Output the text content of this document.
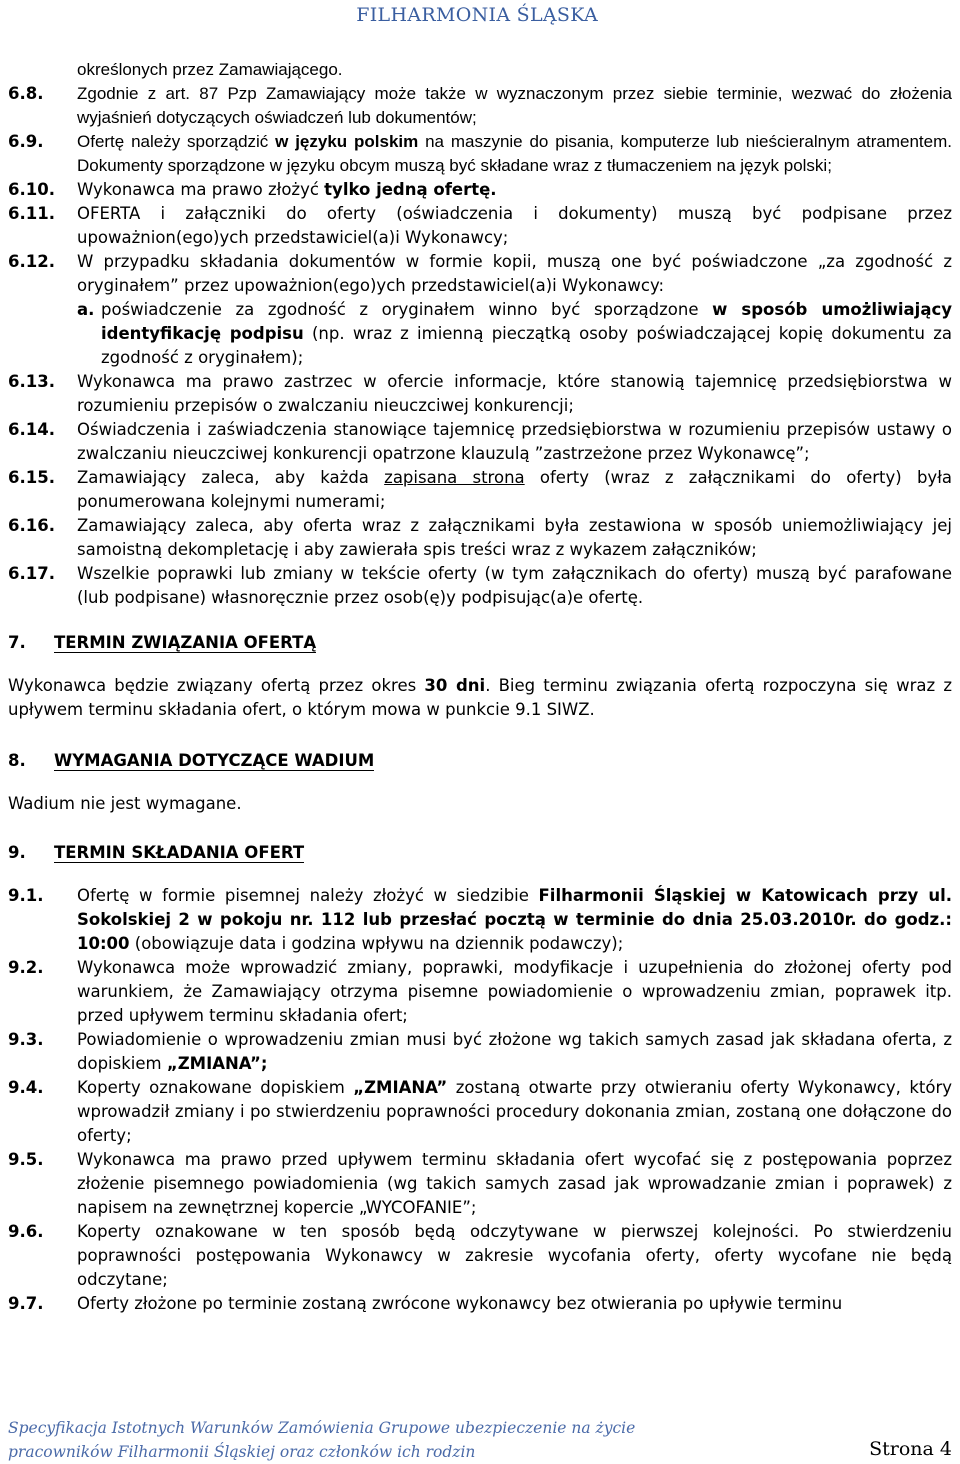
FILHARMONIA ŚLĄSKA
określonych przez Zamawiającego.
6.8.	Zgodnie z art. 87 Pzp Zamawiający może także w wyznaczonym przez siebie terminie, wezwać do złożenia wyjaśnień dotyczących oświadczeń lub dokumentów;
6.9.	Ofertę należy sporządzić w języku polskim na maszynie do pisania, komputerze lub nieścieralnym atramentem. Dokumenty sporządzone w języku obcym muszą być składane wraz z tłumaczeniem na język polski;
6.10.	Wykonawca ma prawo złożyć tylko jedną ofertę.
6.11.	OFERTA i załączniki do oferty (oświadczenia i dokumenty) muszą być podpisane przez upoważnion(ego)ych przedstawiciel(a)i Wykonawcy;
6.12.	W przypadku składania dokumentów w formie kopii, muszą one być poświadczone „za zgodność z oryginałem” przez upoważnion(ego)ych przedstawiciel(a)i Wykonawcy:
a. poświadczenie za zgodność z oryginałem winno być sporządzone w sposób umożliwiający identyfikację podpisu (np. wraz z imienną pieczątką osoby poświadczającej kopię dokumentu za zgodność z oryginałem);
6.13.	Wykonawca ma prawo zastrzec w ofercie informacje, które stanowią tajemnicę przedsiębiorstwa w rozumieniu przepisów o zwalczaniu nieuczciwej konkurencji;
6.14.	Oświadczenia i zaświadczenia stanowiące tajemnicę przedsiębiorstwa w rozumieniu przepisów ustawy o zwalczaniu nieuczciwej konkurencji opatrzone klauzulą ”zastrzeżone przez Wykonawcę”;
6.15.	Zamawiający zaleca, aby każda zapisana strona oferty (wraz z załącznikami do oferty) była ponumerowana kolejnymi numerami;
6.16.	Zamawiający zaleca, aby oferta wraz z załącznikami była zestawiona w sposób uniemożliwiający jej samoistną dekompletację i aby zawierała spis treści wraz z wykazem załączników;
6.17.	Wszelkie poprawki lub zmiany w tekście oferty (w tym załącznikach do oferty) muszą być parafowane (lub podpisane) własnoręcznie przez osob(ę)y podpisując(a)e ofertę.
7. TERMIN ZWIĄZANIA OFERTĄ
Wykonawca będzie związany ofertą przez okres 30 dni. Bieg terminu związania ofertą rozpoczyna się wraz z upływem terminu składania ofert, o którym mowa w punkcie 9.1 SIWZ.
8. WYMAGANIA DOTYCZĄCE WADIUM
Wadium nie jest wymagane.
9. TERMIN SKŁADANIA OFERT
9.1.	Ofertę w formie pisemnej należy złożyć w siedzibie Filharmonii Śląskiej w Katowicach przy ul. Sokolskiej 2 w pokoju nr. 112 lub przesłać pocztą w terminie do dnia 25.03.2010r. do godz.: 10:00 (obowiązuje data i godzina wpływu na dziennik podawczy);
9.2.	Wykonawca może wprowadzić zmiany, poprawki, modyfikacje i uzupełnienia do złożonej oferty pod warunkiem, że Zamawiający otrzyma pisemne powiadomienie o wprowadzeniu zmian, poprawek itp. przed upływem terminu składania ofert;
9.3.	Powiadomienie o wprowadzeniu zmian musi być złożone wg takich samych zasad jak składana oferta, z dopiskiem „ZMIANA”;
9.4.	Koperty oznakowane dopiskiem „ZMIANA” zostaną otwarte przy otwieraniu oferty Wykonawcy, który wprowadził zmiany i po stwierdzeniu poprawności procedury dokonania zmian, zostaną one dołączone do oferty;
9.5.	Wykonawca ma prawo przed upływem terminu składania ofert wycofać się z postępowania poprzez złożenie pisemnego powiadomienia (wg takich samych zasad jak wprowadzanie zmian i poprawek) z napisem na zewnętrznej kopercie „WYCOFANIE”;
9.6.	Koperty oznakowane w ten sposób będą odczytywane w pierwszej kolejności. Po stwierdzeniu poprawności postępowania Wykonawcy w zakresie wycofania oferty, oferty wycofane nie będą odczytane;
9.7.	Oferty złożone po terminie zostaną zwrócone wykonawcy bez otwierania po upływie terminu
Specyfikacja Istotnych Warunków Zamówienia Grupowe ubezpieczenie na życie pracowników Filharmonii Śląskiej oraz członków ich rodzin	Strona 4
